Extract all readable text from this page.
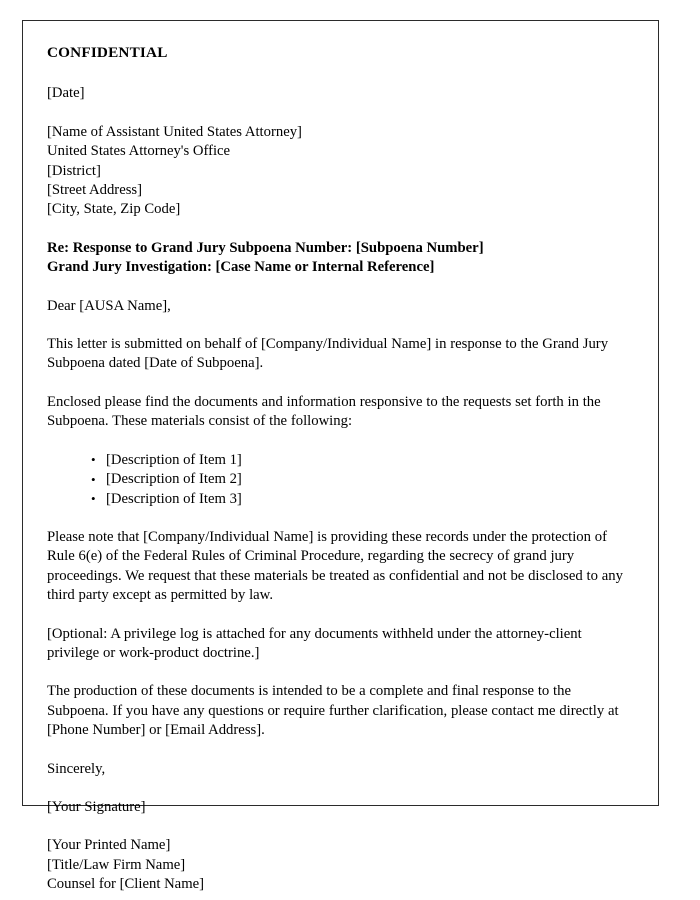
CONFIDENTIAL
[Date]
[Name of Assistant United States Attorney]
United States Attorney's Office
[District]
[Street Address]
[City, State, Zip Code]
Re: Response to Grand Jury Subpoena Number: [Subpoena Number]
Grand Jury Investigation: [Case Name or Internal Reference]
Dear [AUSA Name],
This letter is submitted on behalf of [Company/Individual Name] in response to the Grand Jury Subpoena dated [Date of Subpoena].
Enclosed please find the documents and information responsive to the requests set forth in the Subpoena. These materials consist of the following:
• [Description of Item 1]
• [Description of Item 2]
• [Description of Item 3]
Please note that [Company/Individual Name] is providing these records under the protection of Rule 6(e) of the Federal Rules of Criminal Procedure, regarding the secrecy of grand jury proceedings. We request that these materials be treated as confidential and not be disclosed to any third party except as permitted by law.
[Optional: A privilege log is attached for any documents withheld under the attorney-client privilege or work-product doctrine.]
The production of these documents is intended to be a complete and final response to the Subpoena. If you have any questions or require further clarification, please contact me directly at [Phone Number] or [Email Address].
Sincerely,
[Your Signature]
[Your Printed Name]
[Title/Law Firm Name]
Counsel for [Client Name]
